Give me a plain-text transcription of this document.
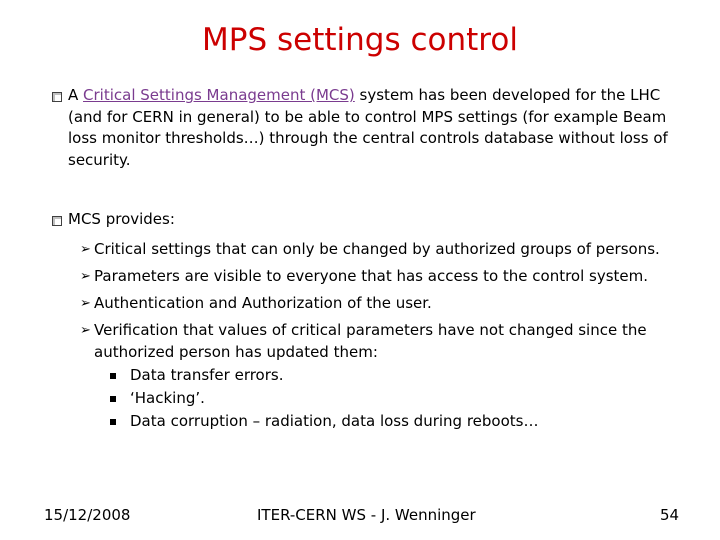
MPS settings control
A Critical Settings Management (MCS) system has been developed for the LHC (and for CERN in general) to be able to control MPS settings (for example Beam loss monitor thresholds…) through the central controls database without loss of security.
MCS provides:
➢ Critical settings that can only be changed by authorized groups of persons.
➢ Parameters are visible to everyone that has access to the control system.
➢ Authentication and Authorization of the user.
➢ Verification that values of critical parameters have not changed since the authorized person has updated them:
Data transfer errors.
‘Hacking’.
Data corruption – radiation, data loss during reboots…
15/12/2008	ITER-CERN WS - J. Wenninger	54
